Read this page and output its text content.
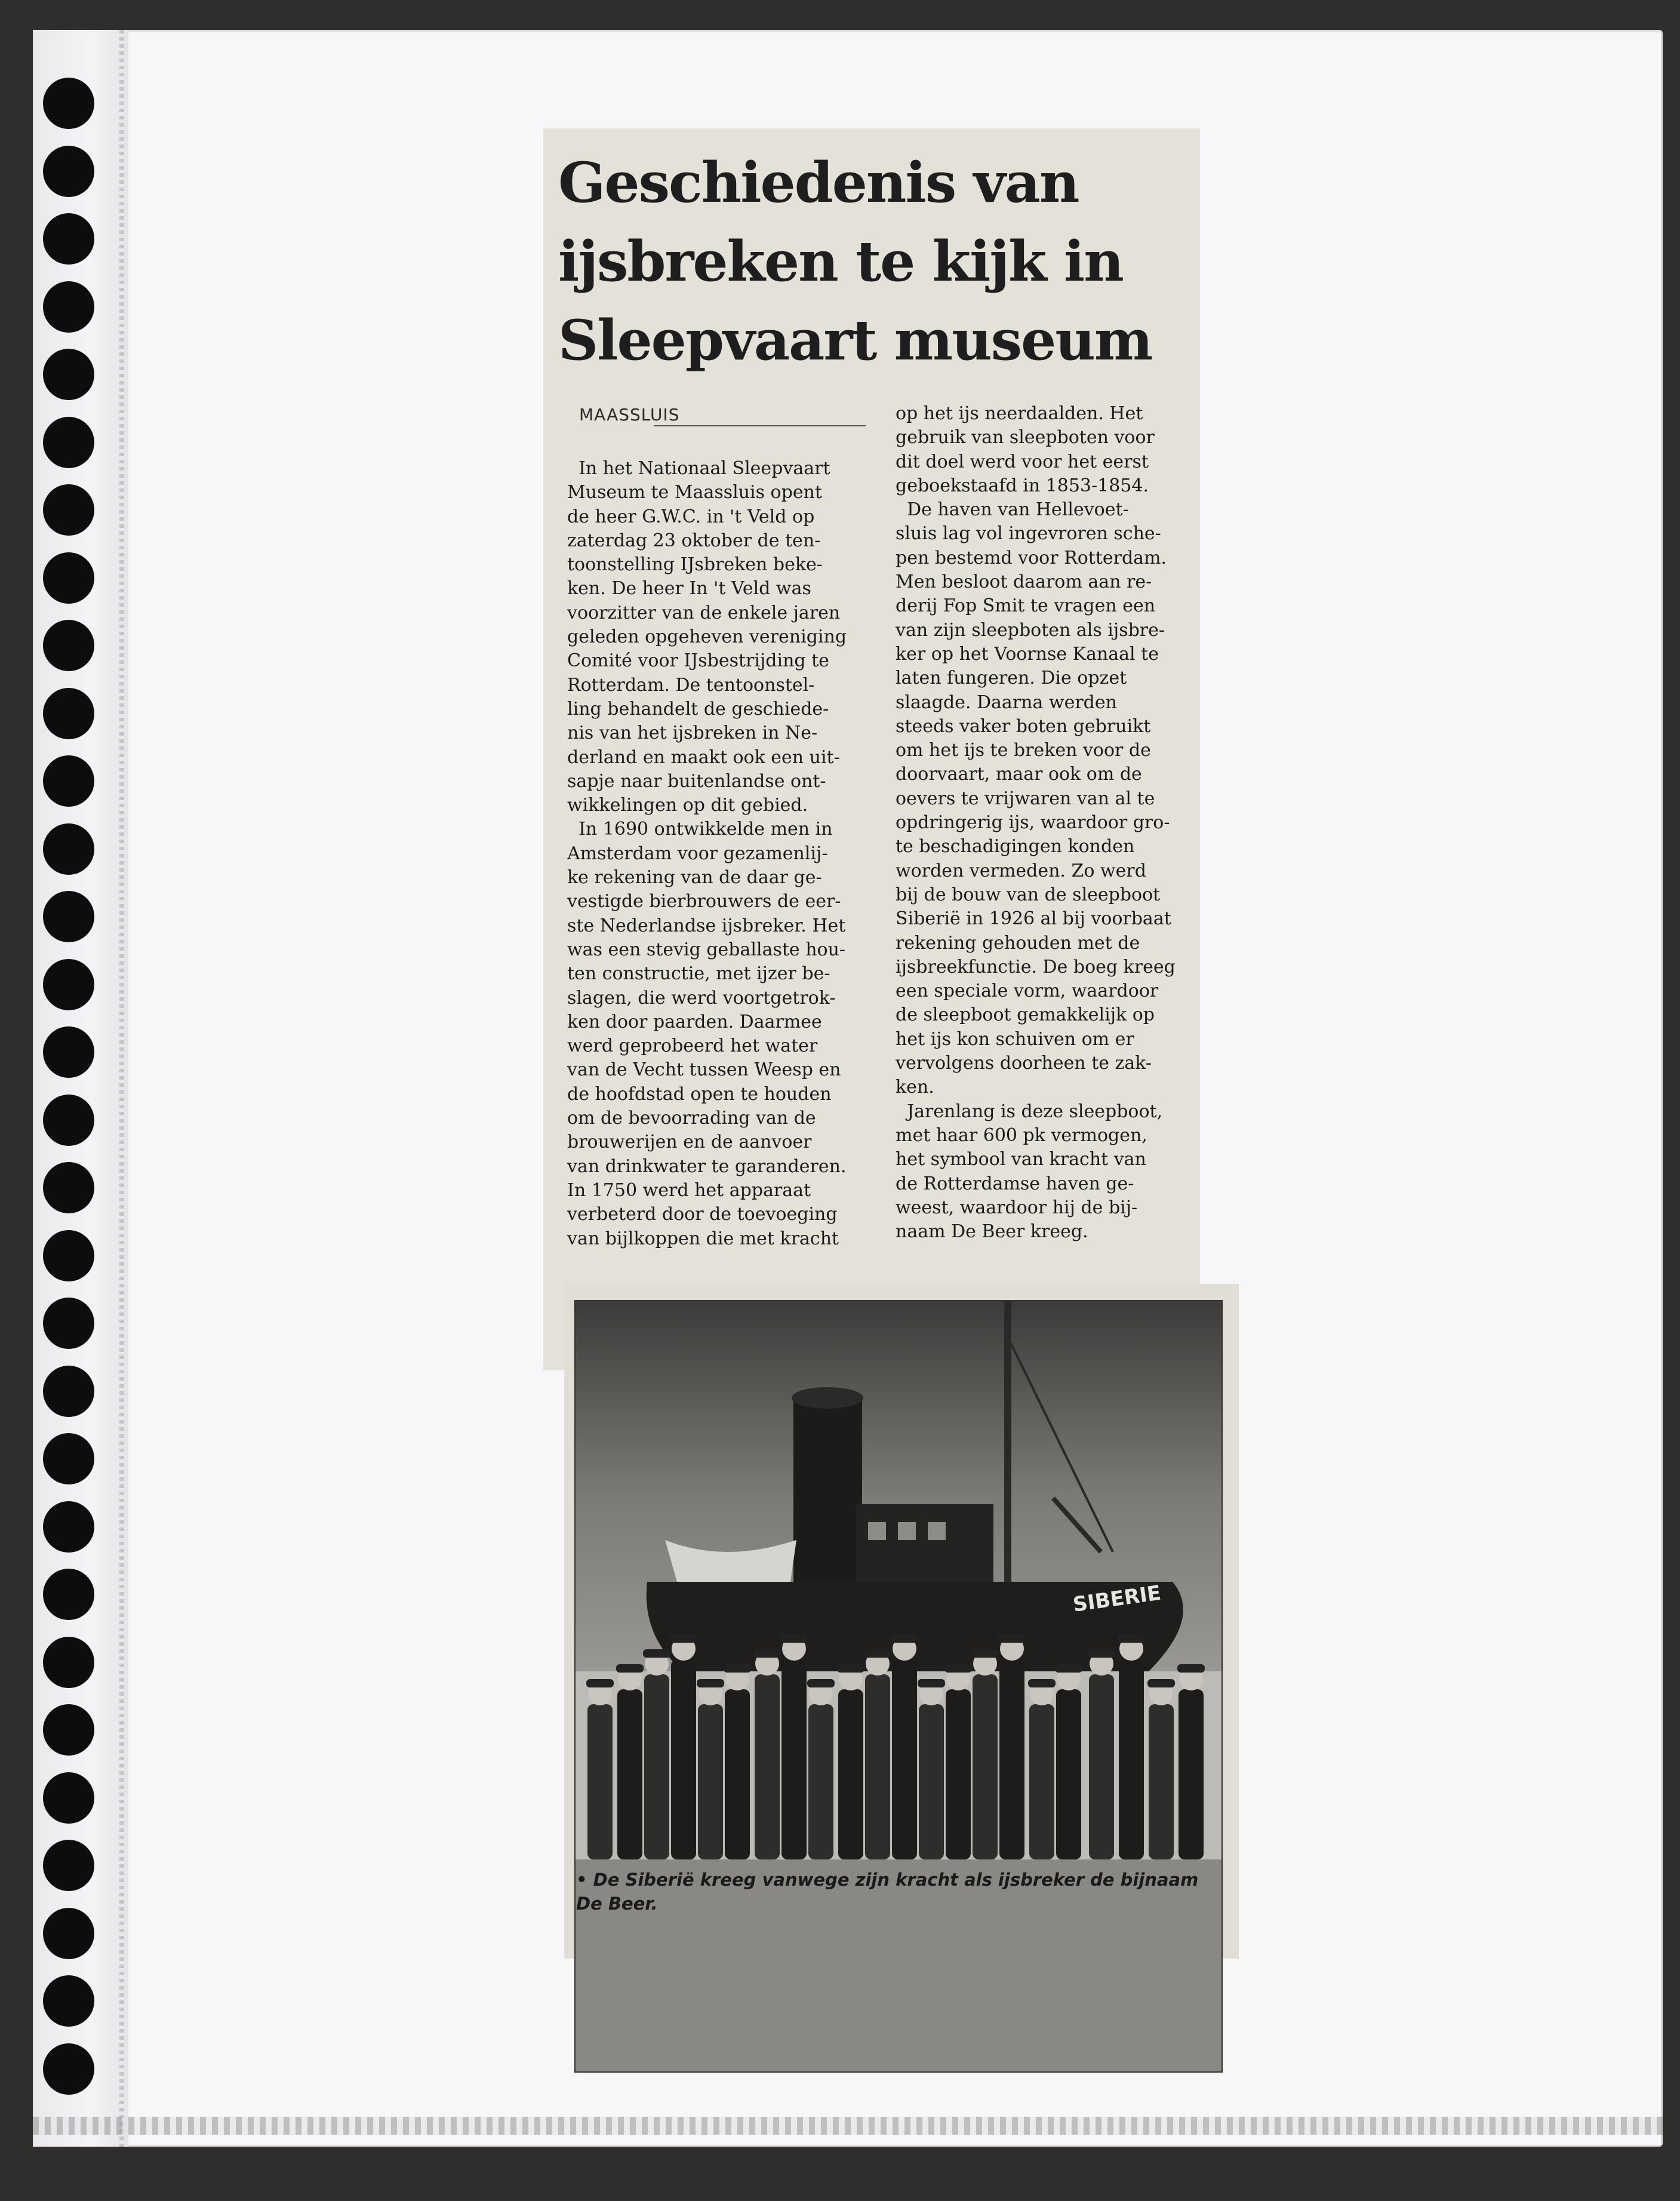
Geschiedenis van
ijsbreken te kijk in
Sleepvaart museum
MAASSLUIS
In het Nationaal Sleepvaart
Museum te Maassluis opent
de heer G.W.C. in 't Veld op
zaterdag 23 oktober de ten-
toonstelling IJsbreken beke-
ken. De heer In 't Veld was
voorzitter van de enkele jaren
geleden opgeheven vereniging
Comité voor IJsbestrijding te
Rotterdam. De tentoonstel-
ling behandelt de geschiede-
nis van het ijsbreken in Ne-
derland en maakt ook een uit-
sapje naar buitenlandse ont-
wikkelingen op dit gebied.
In 1690 ontwikkelde men in
Amsterdam voor gezamenlij-
ke rekening van de daar ge-
vestigde bierbrouwers de eer-
ste Nederlandse ijsbreker. Het
was een stevig geballaste hou-
ten constructie, met ijzer be-
slagen, die werd voortgetrok-
ken door paarden. Daarmee
werd geprobeerd het water
van de Vecht tussen Weesp en
de hoofdstad open te houden
om de bevoorrading van de
brouwerijen en de aanvoer
van drinkwater te garanderen.
In 1750 werd het apparaat
verbeterd door de toevoeging
van bijlkoppen die met kracht
op het ijs neerdaalden. Het
gebruik van sleepboten voor
dit doel werd voor het eerst
geboekstaafd in 1853-1854.
De haven van Hellevoet-
sluis lag vol ingevroren sche-
pen bestemd voor Rotterdam.
Men besloot daarom aan re-
derij Fop Smit te vragen een
van zijn sleepboten als ijsbre-
ker op het Voornse Kanaal te
laten fungeren. Die opzet
slaagde. Daarna werden
steeds vaker boten gebruikt
om het ijs te breken voor de
doorvaart, maar ook om de
oevers te vrijwaren van al te
opdringerig ijs, waardoor gro-
te beschadigingen konden
worden vermeden. Zo werd
bij de bouw van de sleepboot
Siberië in 1926 al bij voorbaat
rekening gehouden met de
ijsbreekfunctie. De boeg kreeg
een speciale vorm, waardoor
de sleepboot gemakkelijk op
het ijs kon schuiven om er
vervolgens doorheen te zak-
ken.
Jarenlang is deze sleepboot,
met haar 600 pk vermogen,
het symbool van kracht van
de Rotterdamse haven ge-
weest, waardoor hij de bij-
naam De Beer kreeg.
SIBERIE

• De Siberië kreeg vanwege zijn kracht als ijsbreker de bijnaam De Beer.
